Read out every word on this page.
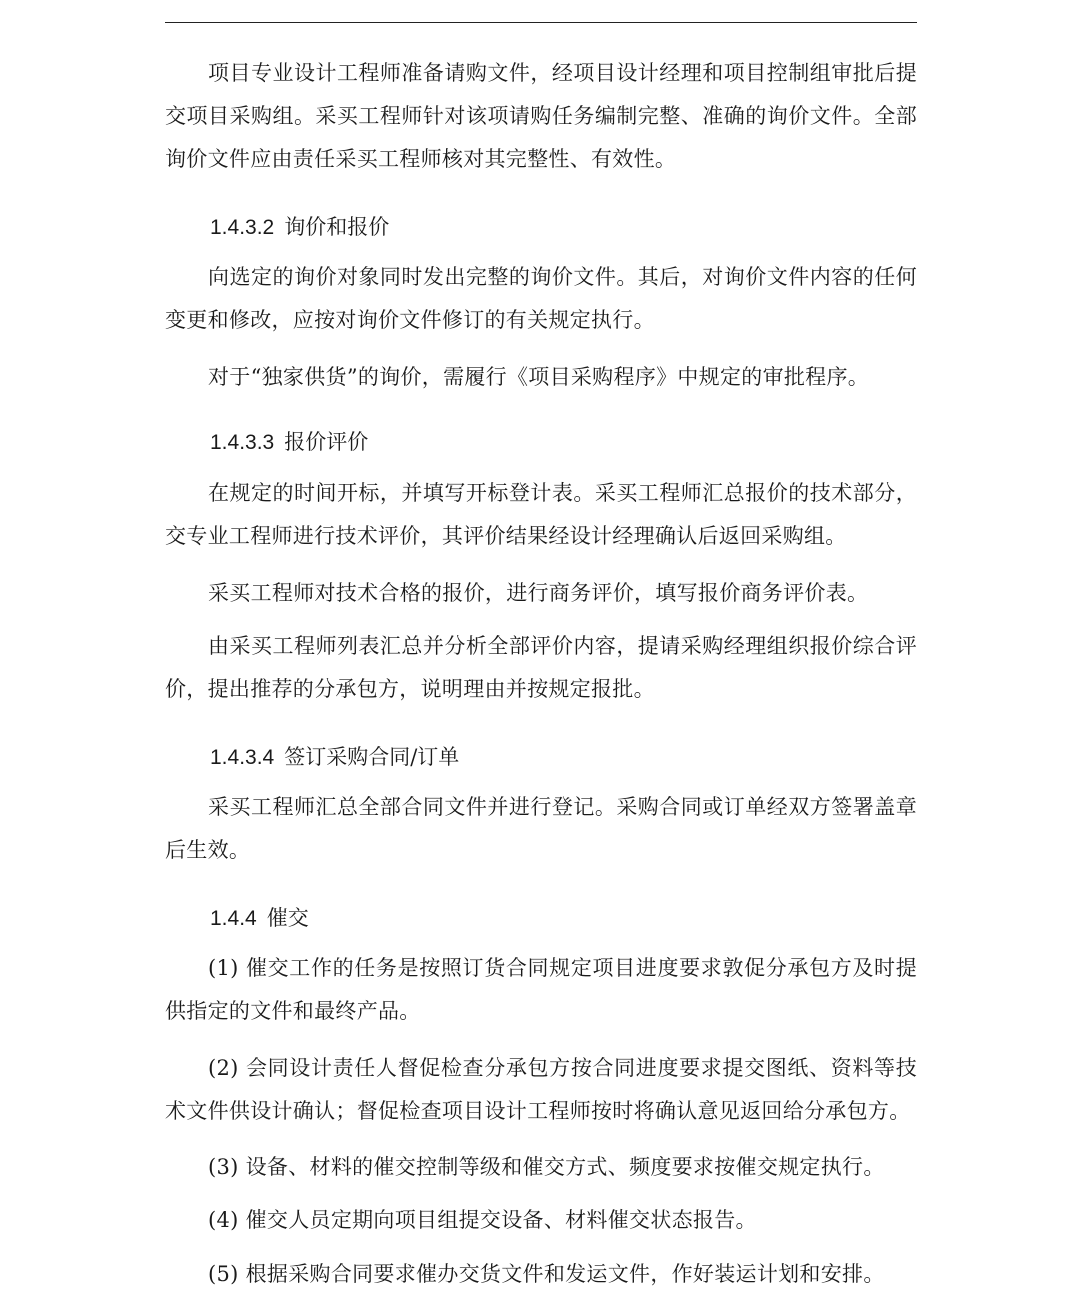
项目专业设计工程师准备请购文件，经项目设计经理和项目控制组审批后提交项目采购组。采买工程师针对该项请购任务编制完整、准确的询价文件。全部询价文件应由责任采买工程师核对其完整性、有效性。

1.4.3.2 询价和报价

向选定的询价对象同时发出完整的询价文件。其后，对询价文件内容的任何变更和修改，应按对询价文件修订的有关规定执行。

对于“独家供货”的询价，需履行《项目采购程序》中规定的审批程序。

1.4.3.3 报价评价

在规定的时间开标，并填写开标登计表。采买工程师汇总报价的技术部分，交专业工程师进行技术评价，其评价结果经设计经理确认后返回采购组。

采买工程师对技术合格的报价，进行商务评价，填写报价商务评价表。

由采买工程师列表汇总并分析全部评价内容，提请采购经理组织报价综合评价，提出推荐的分承包方，说明理由并按规定报批。

1.4.3.4 签订采购合同/订单

采买工程师汇总全部合同文件并进行登记。采购合同或订单经双方签署盖章后生效。

1.4.4 催交

(1) 催交工作的任务是按照订货合同规定项目进度要求敦促分承包方及时提供指定的文件和最终产品。

(2) 会同设计责任人督促检查分承包方按合同进度要求提交图纸、资料等技术文件供设计确认；督促检查项目设计工程师按时将确认意见返回给分承包方。

(3) 设备、材料的催交控制等级和催交方式、频度要求按催交规定执行。

(4) 催交人员定期向项目组提交设备、材料催交状态报告。

(5) 根据采购合同要求催办交货文件和发运文件，作好装运计划和安排。
